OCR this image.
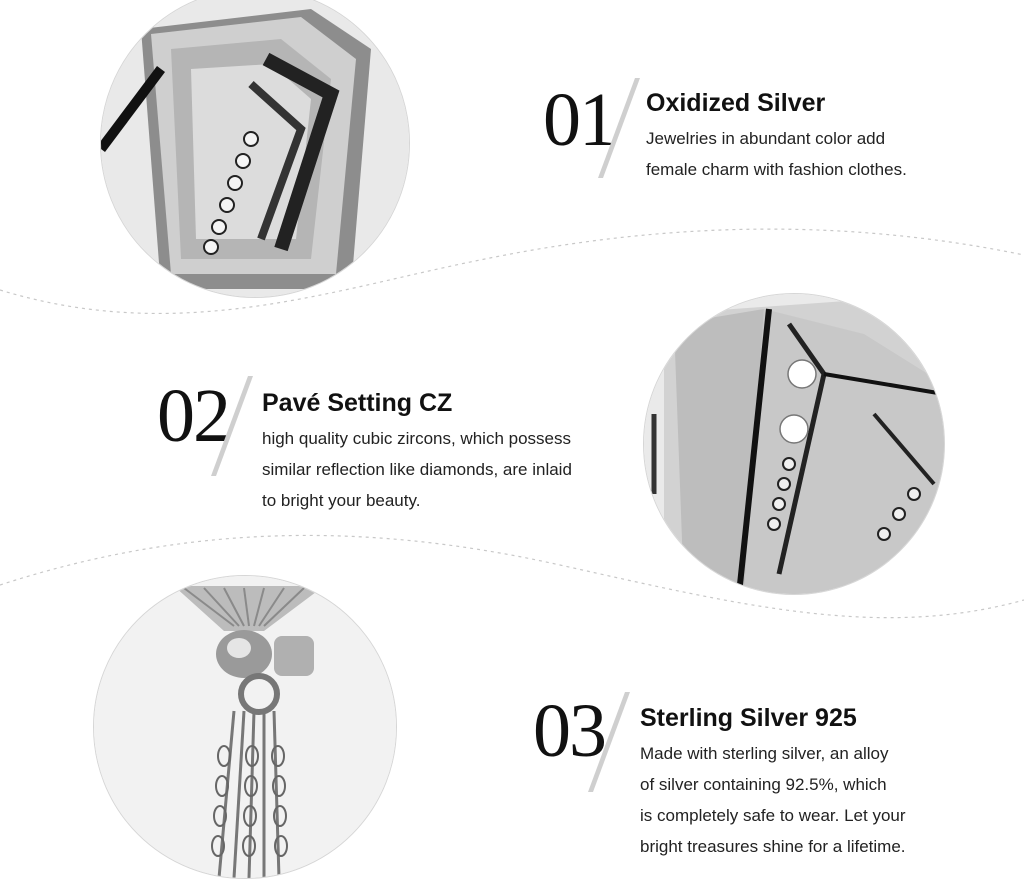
01 Oxidized Silver
Jewelries in abundant color add
female charm with fashion clothes.
02 Pavé Setting CZ
high quality cubic zircons, which possess
similar reflection like diamonds, are inlaid
to bright your beauty.
03 Sterling Silver 925
Made with sterling silver, an alloy
of silver containing 92.5%, which
is completely safe to wear. Let your
bright treasures shine for a lifetime.
